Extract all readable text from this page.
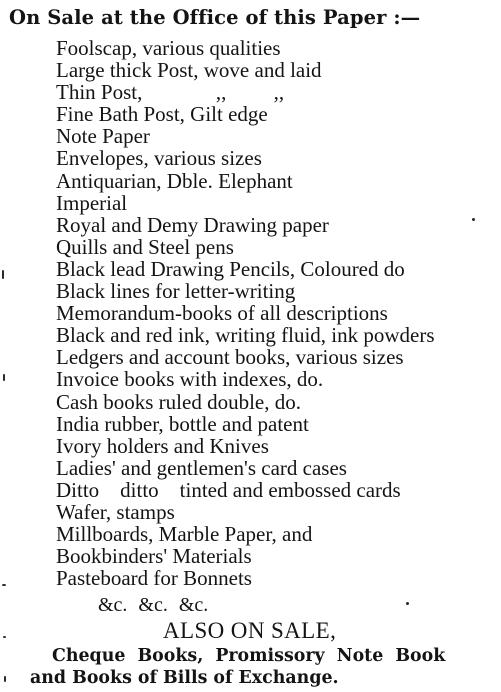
On Sale at the Office of this Paper :—
Foolscap, various qualities
Large thick Post, wove and laid
Thin Post,              ,,         ,,
Fine Bath Post, Gilt edge
Note Paper
Envelopes, various sizes
Antiquarian, Dble. Elephant
Imperial
Royal and Demy Drawing paper
Quills and Steel pens
Black lead Drawing Pencils, Coloured do
Black lines for letter-writing
Memorandum-books of all descriptions
Black and red ink, writing fluid, ink powders
Ledgers and account books, various sizes
Invoice books with indexes, do.
Cash books ruled double, do.
India rubber, bottle and patent
Ivory holders and Knives
Ladies' and gentlemen's card cases
Ditto    ditto    tinted and embossed cards
Wafer, stamps
Millboards, Marble Paper, and
Bookbinders' Materials
Pasteboard for Bonnets
&c. &c. &c.
ALSO ON SALE,
Cheque Books, Promissory Note Book
and Books of Bills of Exchange.
